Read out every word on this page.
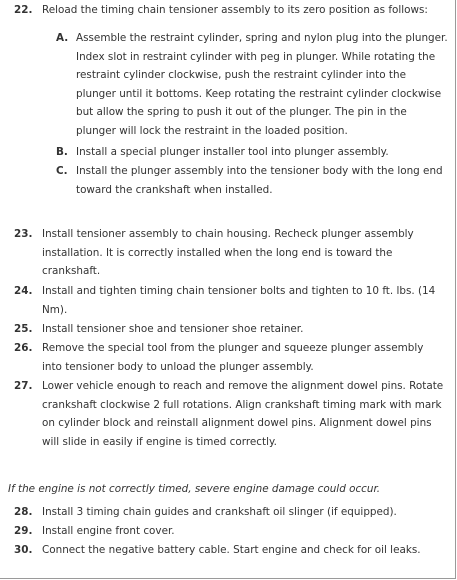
22. Reload the timing chain tensioner assembly to its zero position as follows:
A. Assemble the restraint cylinder, spring and nylon plug into the plunger. Index slot in restraint cylinder with peg in plunger. While rotating the restraint cylinder clockwise, push the restraint cylinder into the plunger until it bottoms. Keep rotating the restraint cylinder clockwise but allow the spring to push it out of the plunger. The pin in the plunger will lock the restraint in the loaded position.
B. Install a special plunger installer tool into plunger assembly.
C. Install the plunger assembly into the tensioner body with the long end toward the crankshaft when installed.
23. Install tensioner assembly to chain housing. Recheck plunger assembly installation. It is correctly installed when the long end is toward the crankshaft.
24. Install and tighten timing chain tensioner bolts and tighten to 10 ft. lbs. (14 Nm).
25. Install tensioner shoe and tensioner shoe retainer.
26. Remove the special tool from the plunger and squeeze plunger assembly into tensioner body to unload the plunger assembly.
27. Lower vehicle enough to reach and remove the alignment dowel pins. Rotate crankshaft clockwise 2 full rotations. Align crankshaft timing mark with mark on cylinder block and reinstall alignment dowel pins. Alignment dowel pins will slide in easily if engine is timed correctly.
If the engine is not correctly timed, severe engine damage could occur.
28. Install 3 timing chain guides and crankshaft oil slinger (if equipped).
29. Install engine front cover.
30. Connect the negative battery cable. Start engine and check for oil leaks.
